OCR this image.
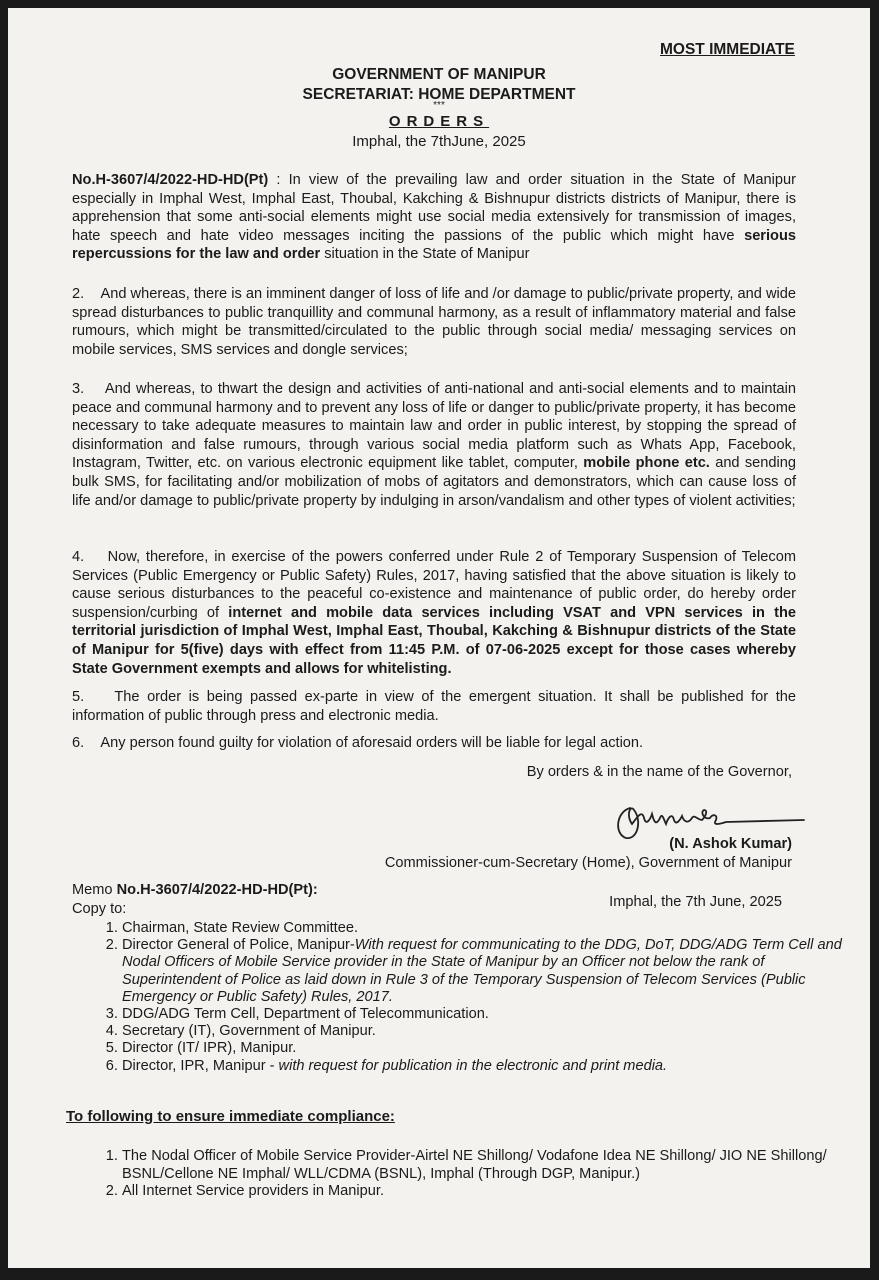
MOST IMMEDIATE
GOVERNMENT OF MANIPUR
SECRETARIAT: HOME DEPARTMENT
***
ORDERS
Imphal, the 7thJune, 2025
No.H-3607/4/2022-HD-HD(Pt) : In view of the prevailing law and order situation in the State of Manipur especially in Imphal West, Imphal East, Thoubal, Kakching & Bishnupur districts districts of Manipur, there is apprehension that some anti-social elements might use social media extensively for transmission of images, hate speech and hate video messages inciting the passions of the public which might have serious repercussions for the law and order situation in the State of Manipur
2.    And whereas, there is an imminent danger of loss of life and /or damage to public/private property, and wide spread disturbances to public tranquillity and communal harmony, as a result of inflammatory material and false rumours, which might be transmitted/circulated to the public through social media/ messaging services on mobile services, SMS services and dongle services;
3.    And whereas, to thwart the design and activities of anti-national and anti-social elements and to maintain peace and communal harmony and to prevent any loss of life or danger to public/private property, it has become necessary to take adequate measures to maintain law and order in public interest, by stopping the spread of disinformation and false rumours, through various social media platform such as Whats App, Facebook, Instagram, Twitter, etc. on various electronic equipment like tablet, computer, mobile phone etc. and sending bulk SMS, for facilitating and/or mobilization of mobs of agitators and demonstrators, which can cause loss of life and/or damage to public/private property by indulging in arson/vandalism and other types of violent activities;
4.    Now, therefore, in exercise of the powers conferred under Rule 2 of Temporary Suspension of Telecom Services (Public Emergency or Public Safety) Rules, 2017, having satisfied that the above situation is likely to cause serious disturbances to the peaceful co-existence and maintenance of public order, do hereby order suspension/curbing of internet and mobile data services including VSAT and VPN services in the territorial jurisdiction of Imphal West, Imphal East, Thoubal, Kakching & Bishnupur districts of the State of Manipur for 5(five) days with effect from 11:45 P.M. of 07-06-2025 except for those cases whereby State Government exempts and allows for whitelisting.
5.    The order is being passed ex-parte in view of the emergent situation. It shall be published for the information of public through press and electronic media.
6.    Any person found guilty for violation of aforesaid orders will be liable for legal action.
By orders & in the name of the Governor,
(N. Ashok Kumar)
Commissioner-cum-Secretary (Home), Government of Manipur
Memo No.H-3607/4/2022-HD-HD(Pt):
Imphal, the 7th June, 2025
Copy to:
1. Chairman, State Review Committee.
2. Director General of Police, Manipur-With request for communicating to the DDG, DoT, DDG/ADG Term Cell and Nodal Officers of Mobile Service provider in the State of Manipur by an Officer not below the rank of Superintendent of Police as laid down in Rule 3 of the Temporary Suspension of Telecom Services (Public Emergency or Public Safety) Rules, 2017.
3. DDG/ADG Term Cell, Department of Telecommunication.
4. Secretary (IT), Government of Manipur.
5. Director (IT/ IPR), Manipur.
6. Director, IPR, Manipur - with request for publication in the electronic and print media.
To following to ensure immediate compliance:
1. The Nodal Officer of Mobile Service Provider-Airtel NE Shillong/ Vodafone Idea NE Shillong/ JIO NE Shillong/ BSNL/Cellone NE Imphal/ WLL/CDMA (BSNL), Imphal (Through DGP, Manipur.)
2. All Internet Service providers in Manipur.
